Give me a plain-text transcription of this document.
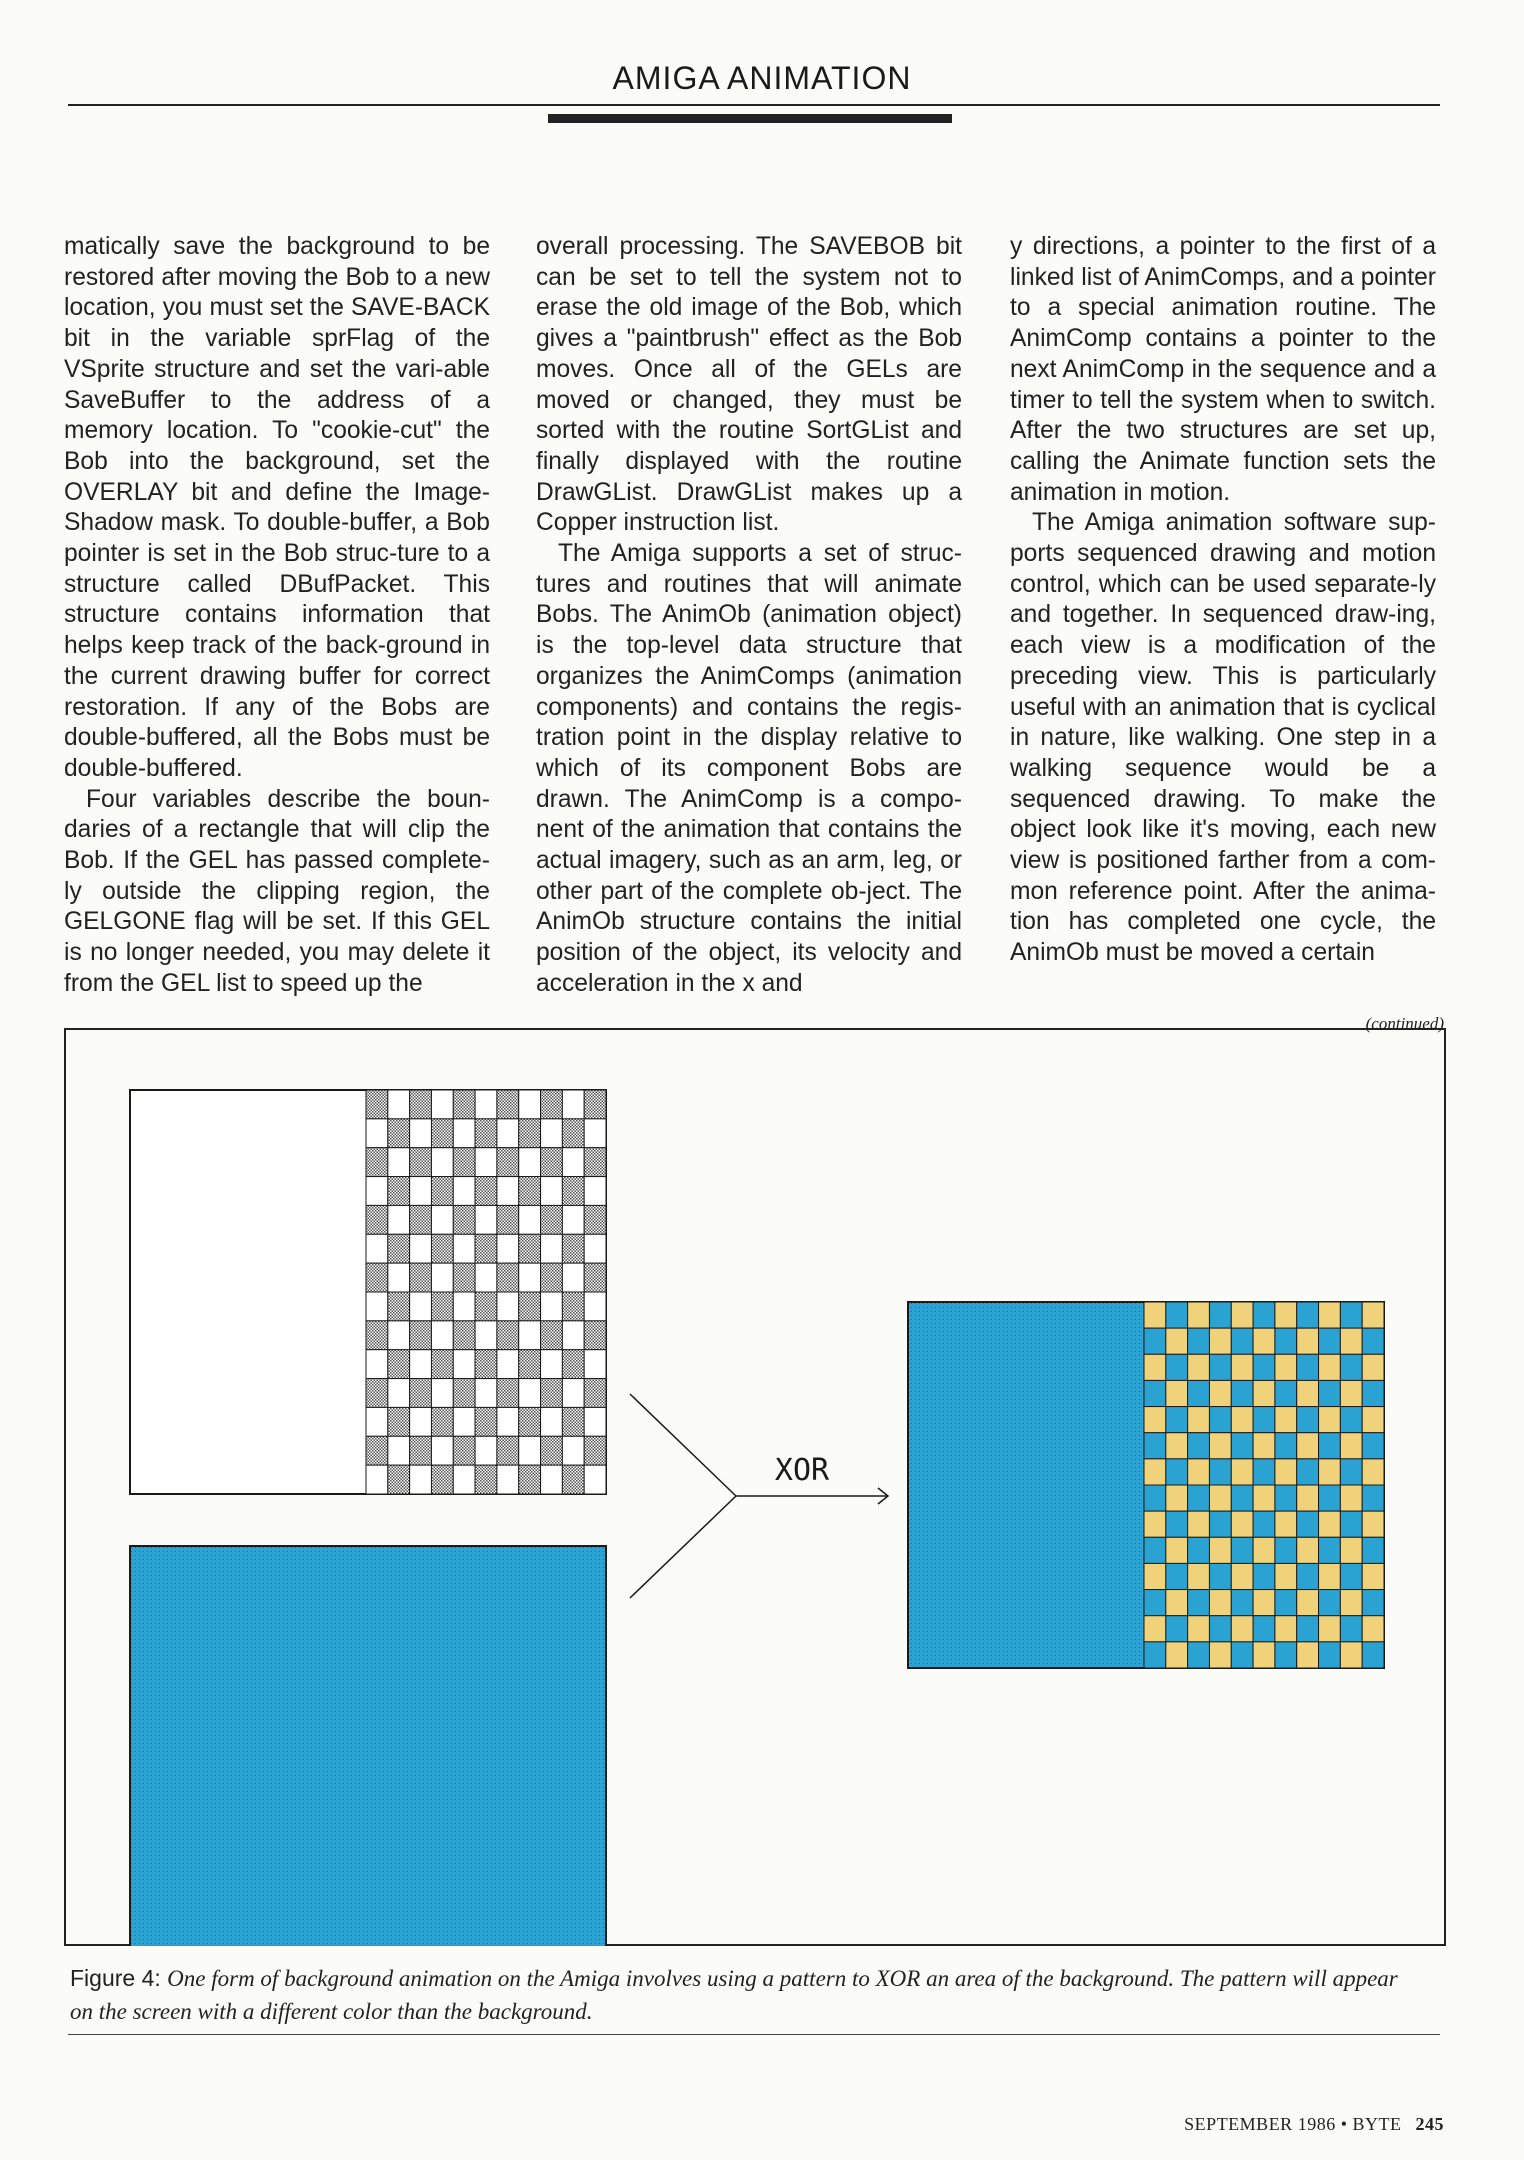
AMIGA ANIMATION

matically save the background to be restored after moving the Bob to a new location, you must set the SAVE-BACK bit in the variable sprFlag of the VSprite structure and set the vari-able SaveBuffer to the address of a memory location. To "cookie-cut" the Bob into the background, set the OVERLAY bit and define the Image-Shadow mask. To double-buffer, a Bob pointer is set in the Bob struc-ture to a structure called DBufPacket. This structure contains information that helps keep track of the back-ground in the current drawing buffer for correct restoration. If any of the Bobs are double-buffered, all the Bobs must be double-buffered.

Four variables describe the boun-daries of a rectangle that will clip the Bob. If the GEL has passed complete-ly outside the clipping region, the GELGONE flag will be set. If this GEL is no longer needed, you may delete it from the GEL list to speed up the

overall processing. The SAVEBOB bit can be set to tell the system not to erase the old image of the Bob, which gives a "paintbrush" effect as the Bob moves. Once all of the GELs are moved or changed, they must be sorted with the routine SortGList and finally displayed with the routine DrawGList. DrawGList makes up a Copper instruction list.

The Amiga supports a set of struc-tures and routines that will animate Bobs. The AnimOb (animation object) is the top-level data structure that organizes the AnimComps (animation components) and contains the regis-tration point in the display relative to which of its component Bobs are drawn. The AnimComp is a compo-nent of the animation that contains the actual imagery, such as an arm, leg, or other part of the complete ob-ject. The AnimOb structure contains the initial position of the object, its velocity and acceleration in the x and

y directions, a pointer to the first of a linked list of AnimComps, and a pointer to a special animation routine. The AnimComp contains a pointer to the next AnimComp in the sequence and a timer to tell the system when to switch. After the two structures are set up, calling the Animate function sets the animation in motion.

The Amiga animation software sup-ports sequenced drawing and motion control, which can be used separate-ly and together. In sequenced draw-ing, each view is a modification of the preceding view. This is particularly useful with an animation that is cyclical in nature, like walking. One step in a walking sequence would be a sequenced drawing. To make the object look like it's moving, each new view is positioned farther from a com-mon reference point. After the anima-tion has completed one cycle, the AnimOb must be moved a certain

(continued)
XOR
Figure 4: One form of background animation on the Amiga involves using a pattern to XOR an area of the background. The pattern will appear on the screen with a different color than the background.
SEPTEMBER 1986 • BYTE 245
